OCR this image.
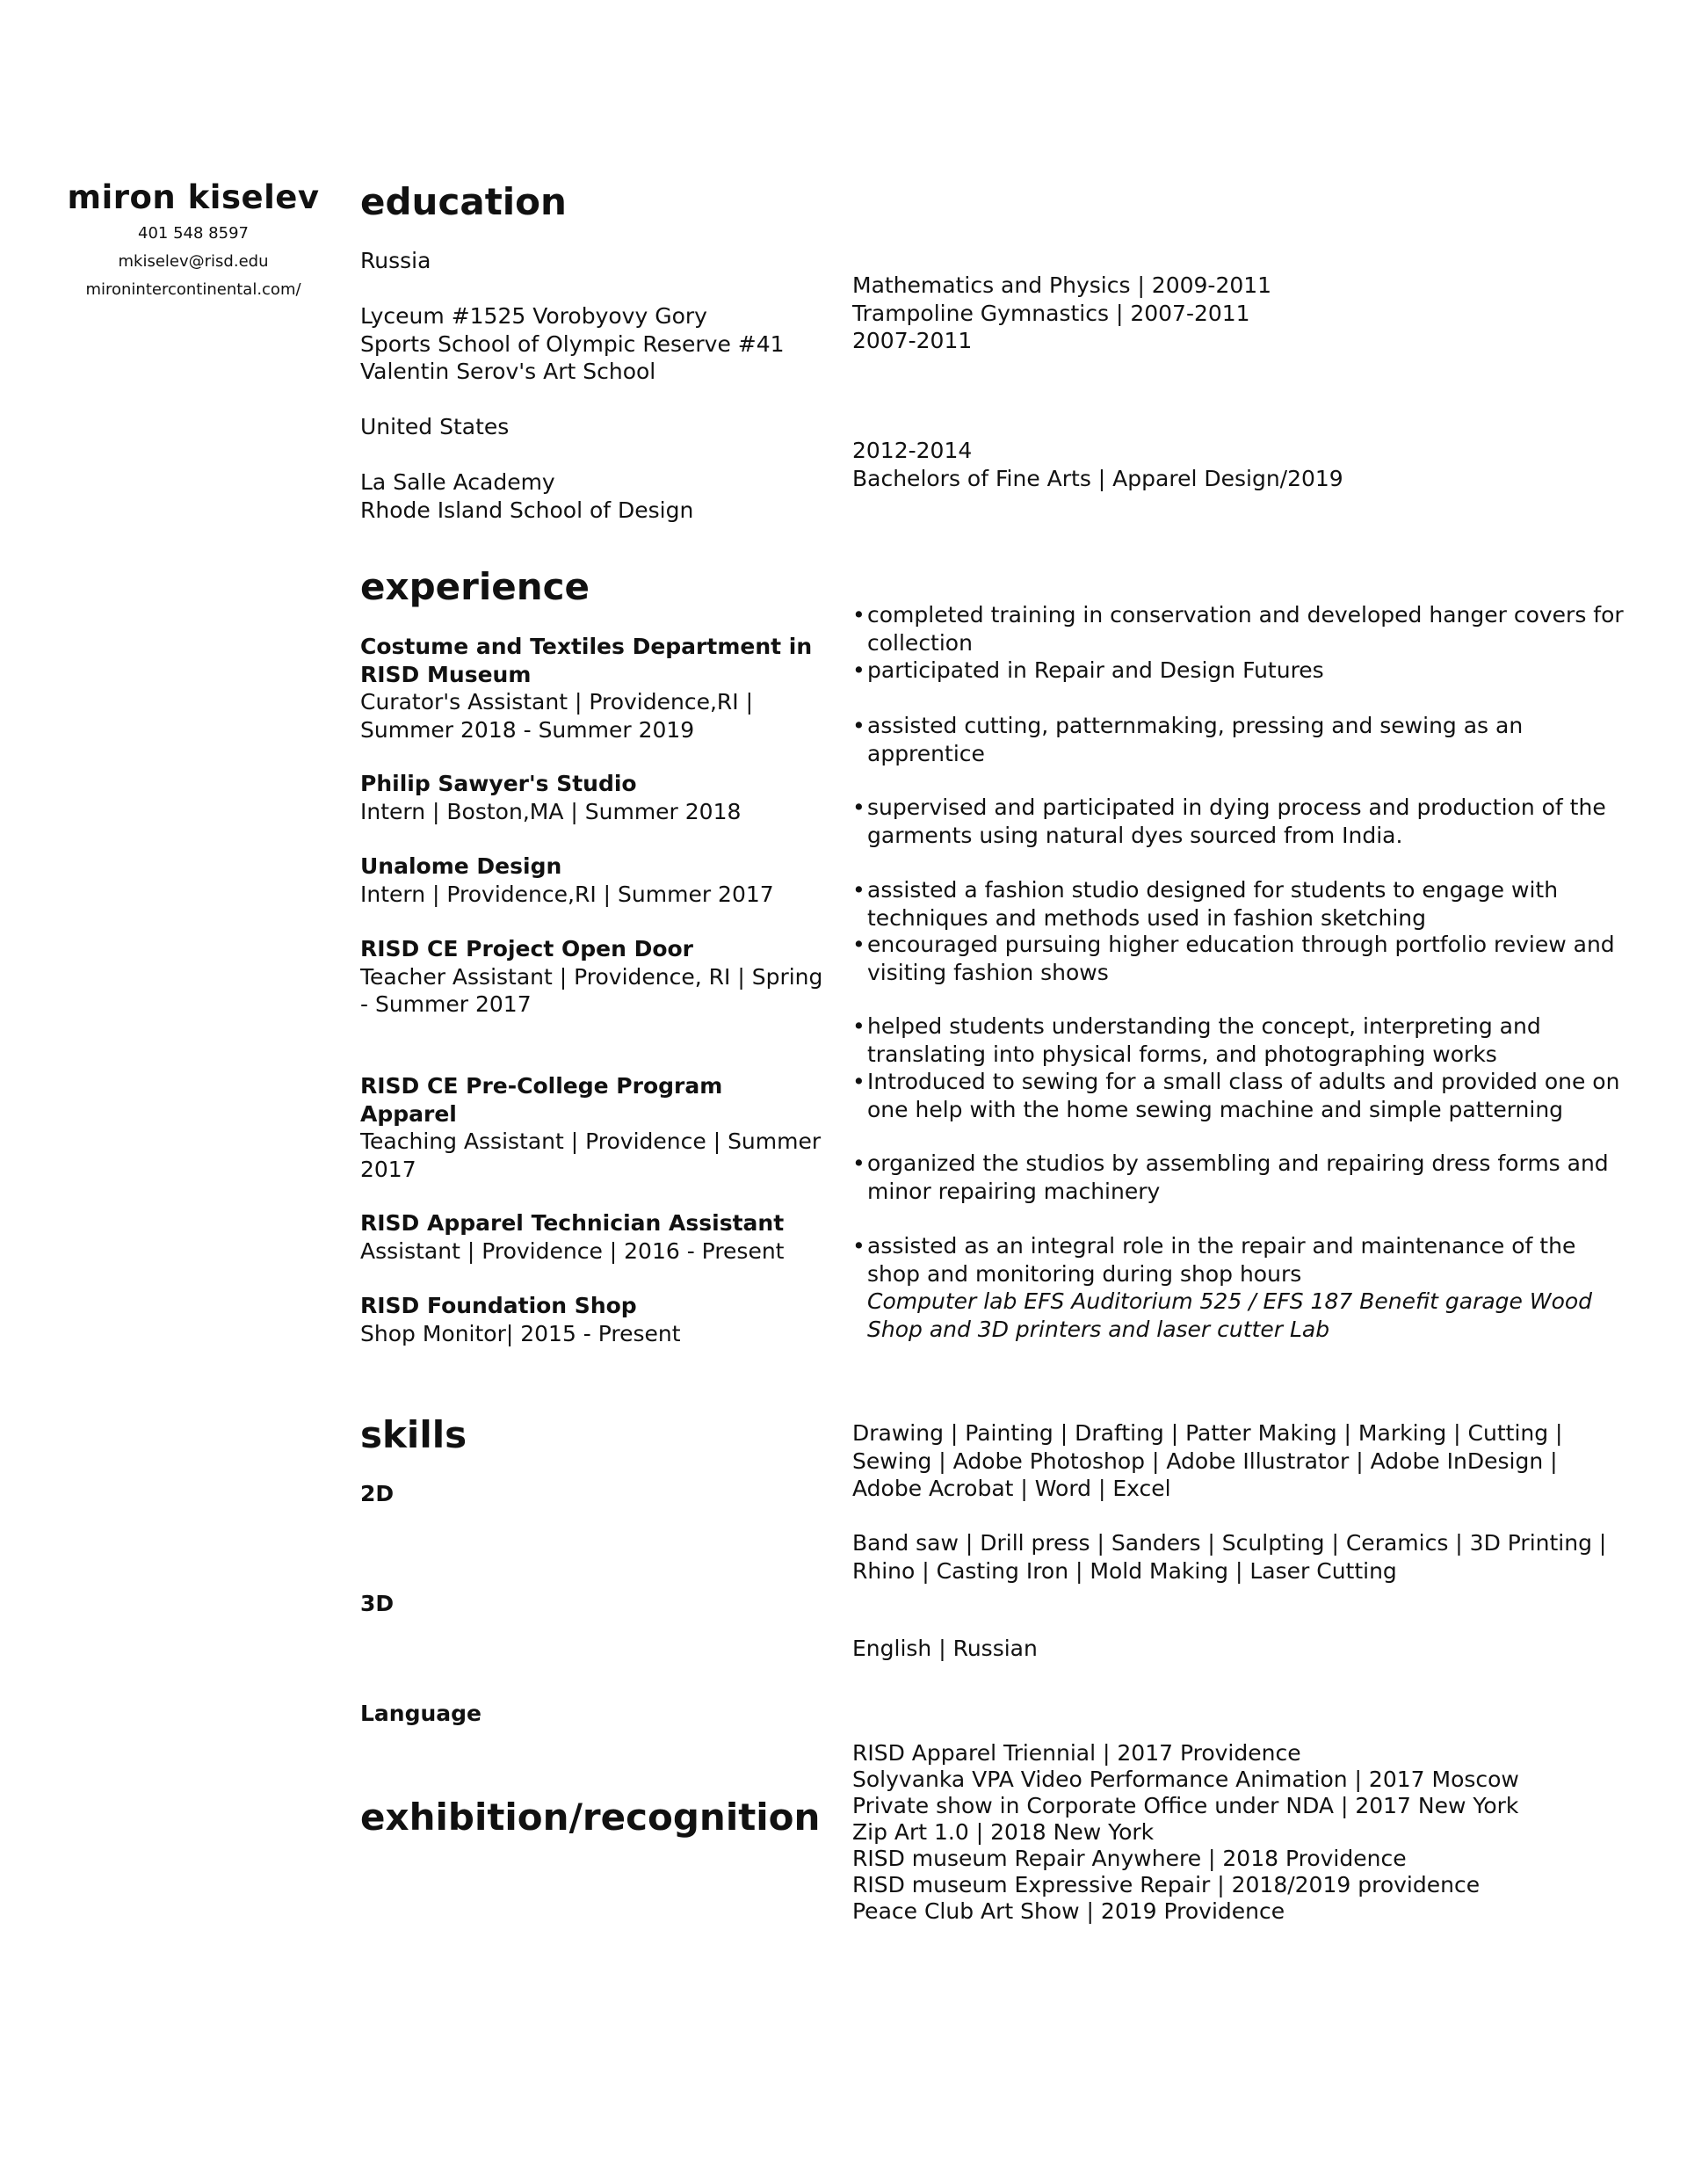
miron kiselev
401 548 8597
mkiselev@risd.edu
mironintercontinental.com/
education
Russia
Lyceum #1525 Vorobyovy Gory
Sports School of Olympic Reserve #41
Valentin Serov's Art School
Mathematics and Physics | 2009-2011
Trampoline Gymnastics | 2007-2011
2007-2011
United States
La Salle Academy
Rhode Island School of Design
2012-2014
Bachelors of Fine Arts | Apparel Design/2019
experience
Costume and Textiles Department in RISD Museum
Curator's Assistant | Providence,RI | Summer 2018 - Summer 2019
Philip Sawyer's Studio
Intern | Boston,MA | Summer 2018
Unalome Design
Intern | Providence,RI | Summer 2017
RISD CE Project Open Door
Teacher Assistant | Providence, RI | Spring - Summer 2017
RISD CE Pre-College Program Apparel
Teaching Assistant | Providence | Summer 2017
RISD Apparel Technician Assistant
Assistant | Providence | 2016 - Present
RISD Foundation Shop
Shop Monitor| 2015 - Present
• completed training in conservation and developed hanger covers for collection
• participated in Repair and Design Futures
• assisted cutting, patternmaking, pressing and sewing as an apprentice
• supervised and participated in dying process and production of the garments using natural dyes sourced from India.
• assisted a fashion studio designed for students to engage with techniques and methods used in fashion sketching
• encouraged pursuing higher education through portfolio review and visiting fashion shows
• helped students understanding the concept, interpreting and translating into physical forms, and photographing works
• Introduced to sewing for a small class of adults and provided one on one help with the home sewing machine and simple patterning
• organized the studios by assembling and repairing dress forms and minor repairing machinery
• assisted as an integral role in the repair and maintenance of the shop and monitoring during shop hours
Computer lab EFS Auditorium 525 / EFS 187 Benefit garage Wood Shop and 3D printers and laser cutter Lab
skills
2D
3D
Language
Drawing | Painting | Drafting | Patter Making | Marking | Cutting | Sewing | Adobe Photoshop | Adobe Illustrator | Adobe InDesign | Adobe Acrobat | Word | Excel
Band saw | Drill press | Sanders | Sculpting | Ceramics | 3D Printing | Rhino | Casting Iron | Mold Making | Laser Cutting
English | Russian
exhibition/recognition
RISD Apparel Triennial | 2017 Providence
Solyvanka VPA Video Performance Animation | 2017 Moscow
Private show in Corporate Office under NDA | 2017 New York
Zip Art 1.0 | 2018 New York
RISD museum Repair Anywhere | 2018 Providence
RISD museum Expressive Repair | 2018/2019 providence
Peace Club Art Show | 2019 Providence
